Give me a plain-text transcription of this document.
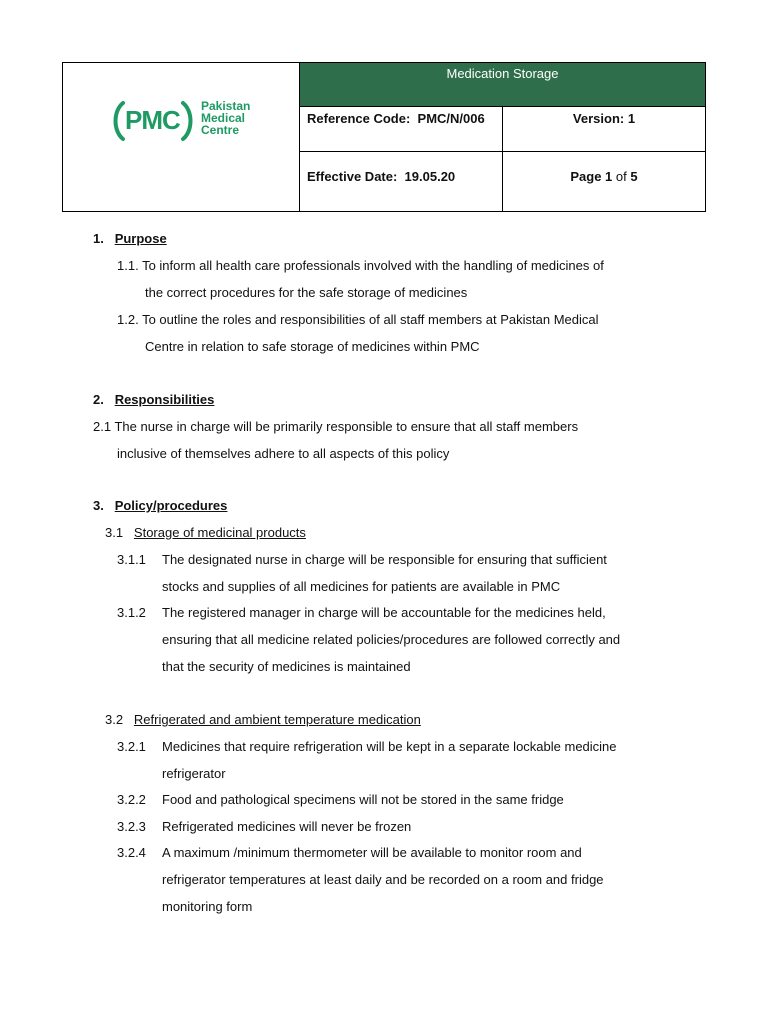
PMC Pakistan
Medical
Centre	Medication Storage	
	Reference Code: PMC/N/006	Version: 1
	Effective Date: 19.05.20	Page 1 of 5
1. Purpose
1.1. To inform all health care professionals involved with the handling of medicines of
the correct procedures for the safe storage of medicines
1.2. To outline the roles and responsibilities of all staff members at Pakistan Medical
Centre in relation to safe storage of medicines within PMC
2. Responsibilities
2.1 The nurse in charge will be primarily responsible to ensure that all staff members
inclusive of themselves adhere to all aspects of this policy
3. Policy/procedures
3.1 Storage of medicinal products
3.1.1 The designated nurse in charge will be responsible for ensuring that sufficient
stocks and supplies of all medicines for patients are available in PMC
3.1.2 The registered manager in charge will be accountable for the medicines held,
ensuring that all medicine related policies/procedures are followed correctly and
that the security of medicines is maintained
3.2 Refrigerated and ambient temperature medication
3.2.1 Medicines that require refrigeration will be kept in a separate lockable medicine
refrigerator
3.2.2 Food and pathological specimens will not be stored in the same fridge
3.2.3 Refrigerated medicines will never be frozen
3.2.4 A maximum /minimum thermometer will be available to monitor room and
refrigerator temperatures at least daily and be recorded on a room and fridge
monitoring form
